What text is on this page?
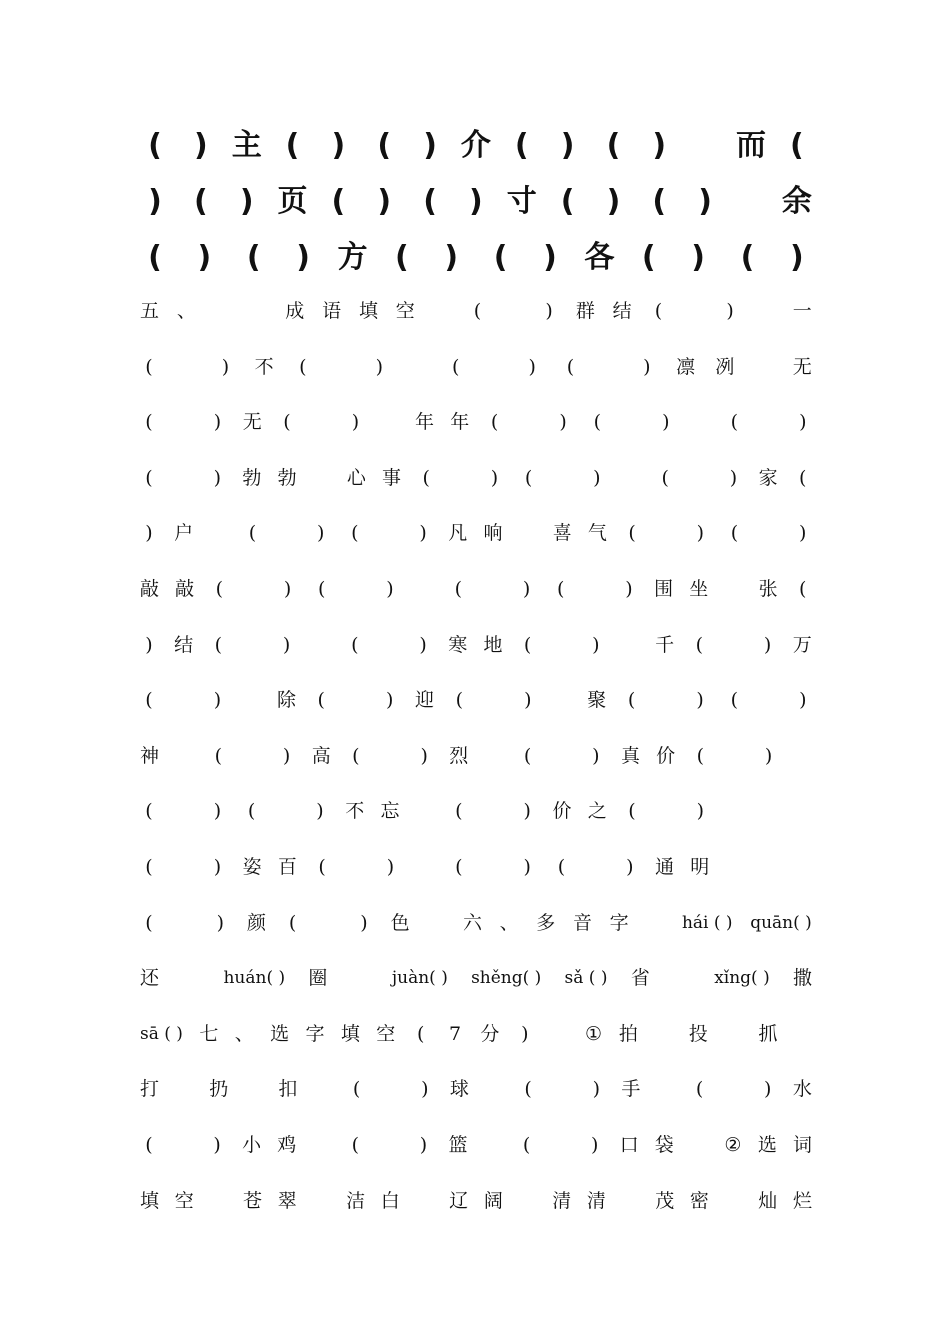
( ) 主 ( ) ( ) 介 ( ) ( ) 而 (
) ( ) 页 ( ) ( ) 寸 ( ) ( ) 余
( ) ( ) 方 ( ) ( ) 各 ( ) ( )
五 、	成 语 填 空	(	) 群 结 (	)	一
(	) 不 (	)	(	) (	) 凛 冽	无
(	) 无 (	)	年 年 (	) (	)	(	)
(	) 勃 勃	心 事 (	) (	)	(	) 家 (
) 户	(	) (	) 凡 响	喜 气 (	) (	)
敲 敲 (	) (	)	(	) (	) 围 坐	张 (
) 结 (	)	(	) 寒 地 (	)	千 (	) 万
(	)	除 (	) 迎 (	)	聚 (	) (	)
神	(	) 高 (	) 烈	(	) 真 价 (	)
(	) (	) 不 忘	(	) 价 之 (	)
(	) 姿 百 (	)	(	) (	) 通 明
(	) 颜 (	) 色	六 、 多 音 字	hái ( ) quān( )
还	huán( ) 圈	juàn( ) shěng( ) sǎ ( ) 省	xǐng( ) 撒
sā ( ) 七 、 选 字 填 空 ( 7 分 )	① 拍	投	抓
打	扔	扣	(	) 球	(	) 手	(	) 水
(	) 小 鸡	(	) 篮	(	) 口 袋	② 选 词
填 空	苍 翠	洁 白	辽 阔	清 清	茂 密	灿 烂
